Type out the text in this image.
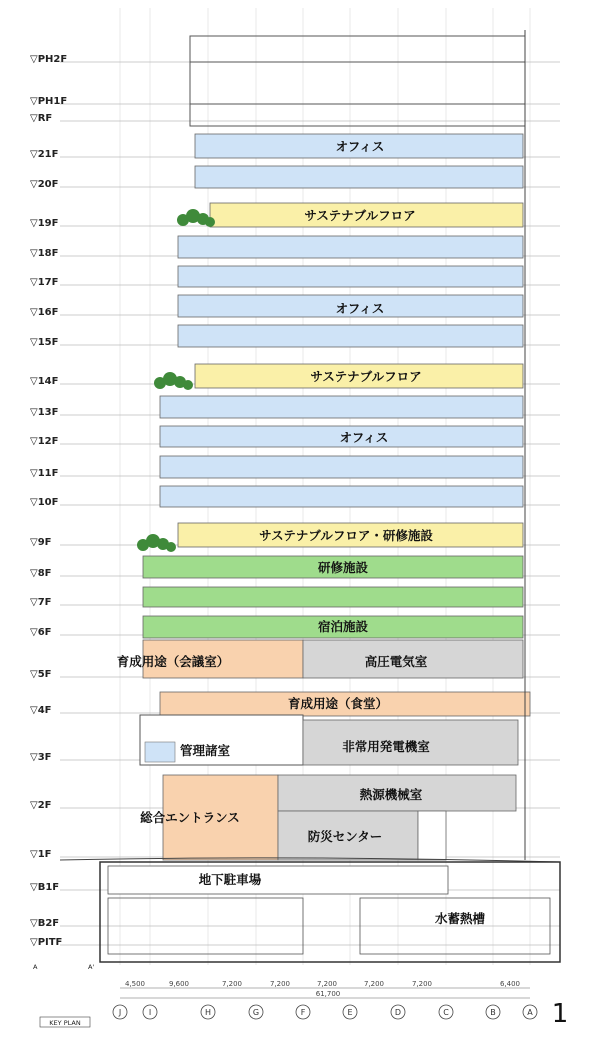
▽PH2F
▽PH1F
▽RF
▽21F
▽20F
▽19F
▽18F
▽17F
▽16F
▽15F
▽14F
▽13F
▽12F
▽11F
▽10F
▽9F
▽8F
▽7F
▽6F
▽5F
▽4F
▽3F
▽2F
▽1F
▽B1F
▽B2F
▽PITF
オフィス
サステナブルフロア
オフィス
サステナブルフロア
オフィス
サステナブルフロア・研修施設
研修施設
宿泊施設
育成用途（会議室）	高圧電気室
育成用途（食堂）
管理諸室	非常用発電機室
総合エントランス
熱源機械室
防災センター
地下駐車場
水蓄熱槽
A	A'
4,500	9,600	7,200	7,200	7,200	7,200	7,200	6,400
61,700
J	I	H	G	F	E	D	C	B	A
KEY PLAN	1
